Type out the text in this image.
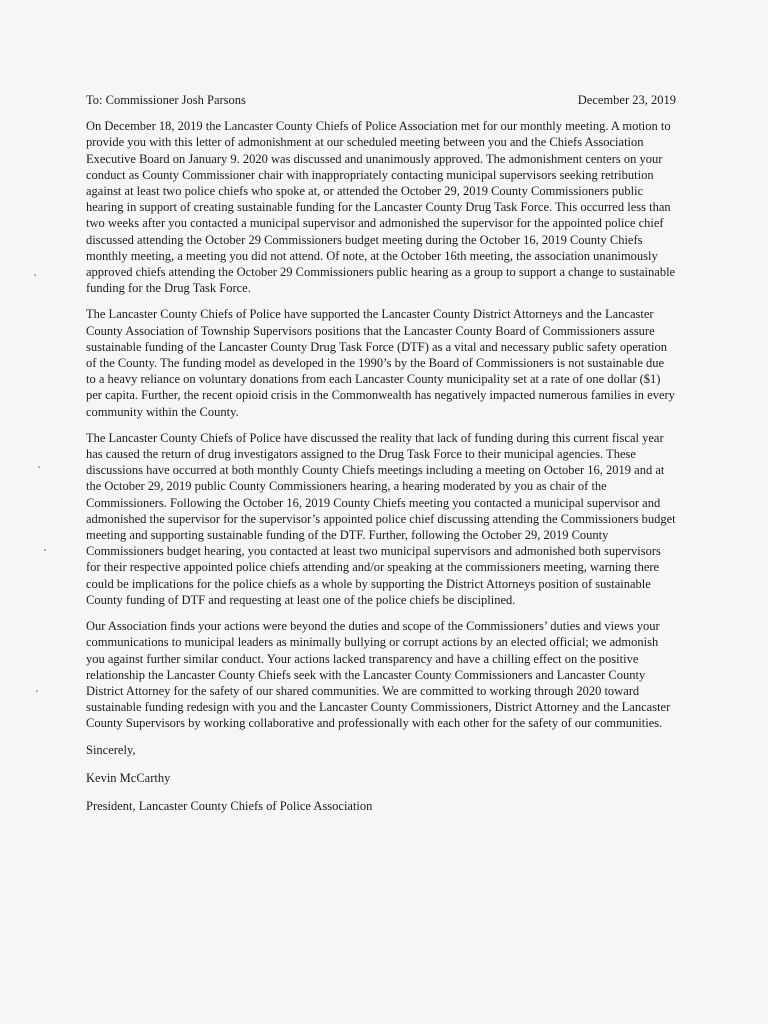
To: Commissioner Josh Parsons	December 23, 2019

On December 18, 2019 the Lancaster County Chiefs of Police Association met for our monthly meeting. A motion to provide you with this letter of admonishment at our scheduled meeting between you and the Chiefs Association Executive Board on January 9. 2020 was discussed and unanimously approved. The admonishment centers on your conduct as County Commissioner chair with inappropriately contacting municipal supervisors seeking retribution against at least two police chiefs who spoke at, or attended the October 29, 2019 County Commissioners public hearing in support of creating sustainable funding for the Lancaster County Drug Task Force. This occurred less than two weeks after you contacted a municipal supervisor and admonished the supervisor for the appointed police chief discussed attending the October 29 Commissioners budget meeting during the October 16, 2019 County Chiefs monthly meeting, a meeting you did not attend. Of note, at the October 16th meeting, the association unanimously approved chiefs attending the October 29 Commissioners public hearing as a group to support a change to sustainable funding for the Drug Task Force.

The Lancaster County Chiefs of Police have supported the Lancaster County District Attorneys and the Lancaster County Association of Township Supervisors positions that the Lancaster County Board of Commissioners assure sustainable funding of the Lancaster County Drug Task Force (DTF) as a vital and necessary public safety operation of the County. The funding model as developed in the 1990’s by the Board of Commissioners is not sustainable due to a heavy reliance on voluntary donations from each Lancaster County municipality set at a rate of one dollar ($1) per capita. Further, the recent opioid crisis in the Commonwealth has negatively impacted numerous families in every community within the County.

The Lancaster County Chiefs of Police have discussed the reality that lack of funding during this current fiscal year has caused the return of drug investigators assigned to the Drug Task Force to their municipal agencies. These discussions have occurred at both monthly County Chiefs meetings including a meeting on October 16, 2019 and at the October 29, 2019 public County Commissioners hearing, a hearing moderated by you as chair of the Commissioners. Following the October 16, 2019 County Chiefs meeting you contacted a municipal supervisor and admonished the supervisor for the supervisor’s appointed police chief discussing attending the Commissioners budget meeting and supporting sustainable funding of the DTF. Further, following the October 29, 2019 County Commissioners budget hearing, you contacted at least two municipal supervisors and admonished both supervisors for their respective appointed police chiefs attending and/or speaking at the commissioners meeting, warning there could be implications for the police chiefs as a whole by supporting the District Attorneys position of sustainable County funding of DTF and requesting at least one of the police chiefs be disciplined.

Our Association finds your actions were beyond the duties and scope of the Commissioners’ duties and views your communications to municipal leaders as minimally bullying or corrupt actions by an elected official; we admonish you against further similar conduct. Your actions lacked transparency and have a chilling effect on the positive relationship the Lancaster County Chiefs seek with the Lancaster County Commissioners and Lancaster County District Attorney for the safety of our shared communities. We are committed to working through 2020 toward sustainable funding redesign with you and the Lancaster County Commissioners, District Attorney and the Lancaster County Supervisors by working collaborative and professionally with each other for the safety of our communities.

Sincerely,

Kevin McCarthy

President, Lancaster County Chiefs of Police Association
